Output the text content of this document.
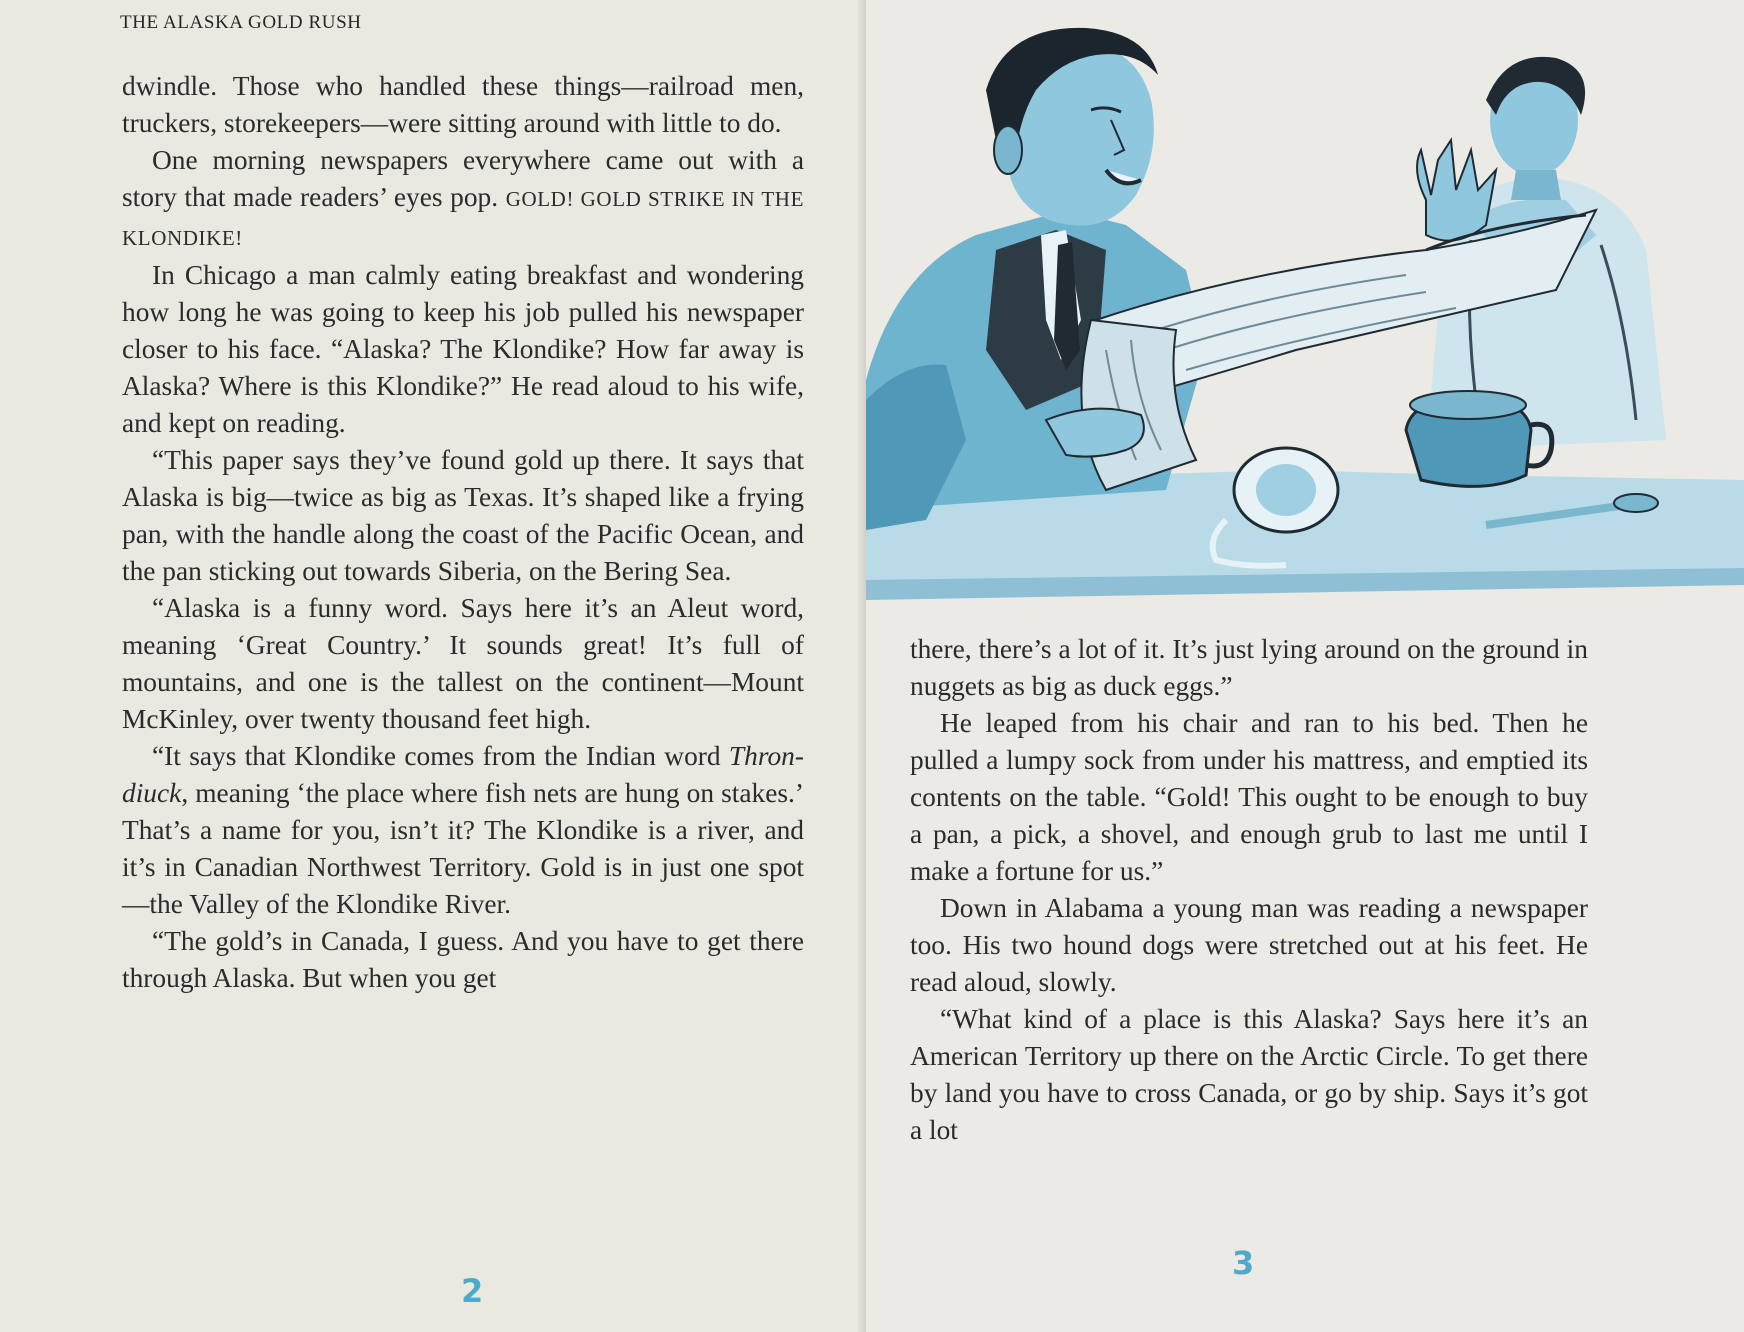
THE ALASKA GOLD RUSH

dwindle. Those who handled these things—railroad men, truckers, storekeepers—were sitting around with little to do.

One morning newspapers everywhere came out with a story that made readers’ eyes pop. GOLD! GOLD STRIKE IN THE KLONDIKE!

In Chicago a man calmly eating breakfast and wondering how long he was going to keep his job pulled his newspaper closer to his face. “Alaska? The Klondike? How far away is Alaska? Where is this Klondike?” He read aloud to his wife, and kept on reading.

“This paper says they’ve found gold up there. It says that Alaska is big—twice as big as Texas. It’s shaped like a frying pan, with the handle along the coast of the Pacific Ocean, and the pan sticking out towards Siberia, on the Bering Sea.

“Alaska is a funny word. Says here it’s an Aleut word, meaning ‘Great Country.’ It sounds great! It’s full of mountains, and one is the tallest on the continent—Mount McKinley, over twenty thousand feet high.

“It says that Klondike comes from the Indian word Thron-diuck, meaning ‘the place where fish nets are hung on stakes.’ That’s a name for you, isn’t it? The Klondike is a river, and it’s in Canadian Northwest Territory. Gold is in just one spot—the Valley of the Klondike River.

“The gold’s in Canada, I guess. And you have to get there through Alaska. But when you get

2

there, there’s a lot of it. It’s just lying around on the ground in nuggets as big as duck eggs.”

He leaped from his chair and ran to his bed. Then he pulled a lumpy sock from under his mattress, and emptied its contents on the table. “Gold! This ought to be enough to buy a pan, a pick, a shovel, and enough grub to last me until I make a fortune for us.”

Down in Alabama a young man was reading a newspaper too. His two hound dogs were stretched out at his feet. He read aloud, slowly.

“What kind of a place is this Alaska? Says here it’s an American Territory up there on the Arctic Circle. To get there by land you have to cross Canada, or go by ship. Says it’s got a lot

3
